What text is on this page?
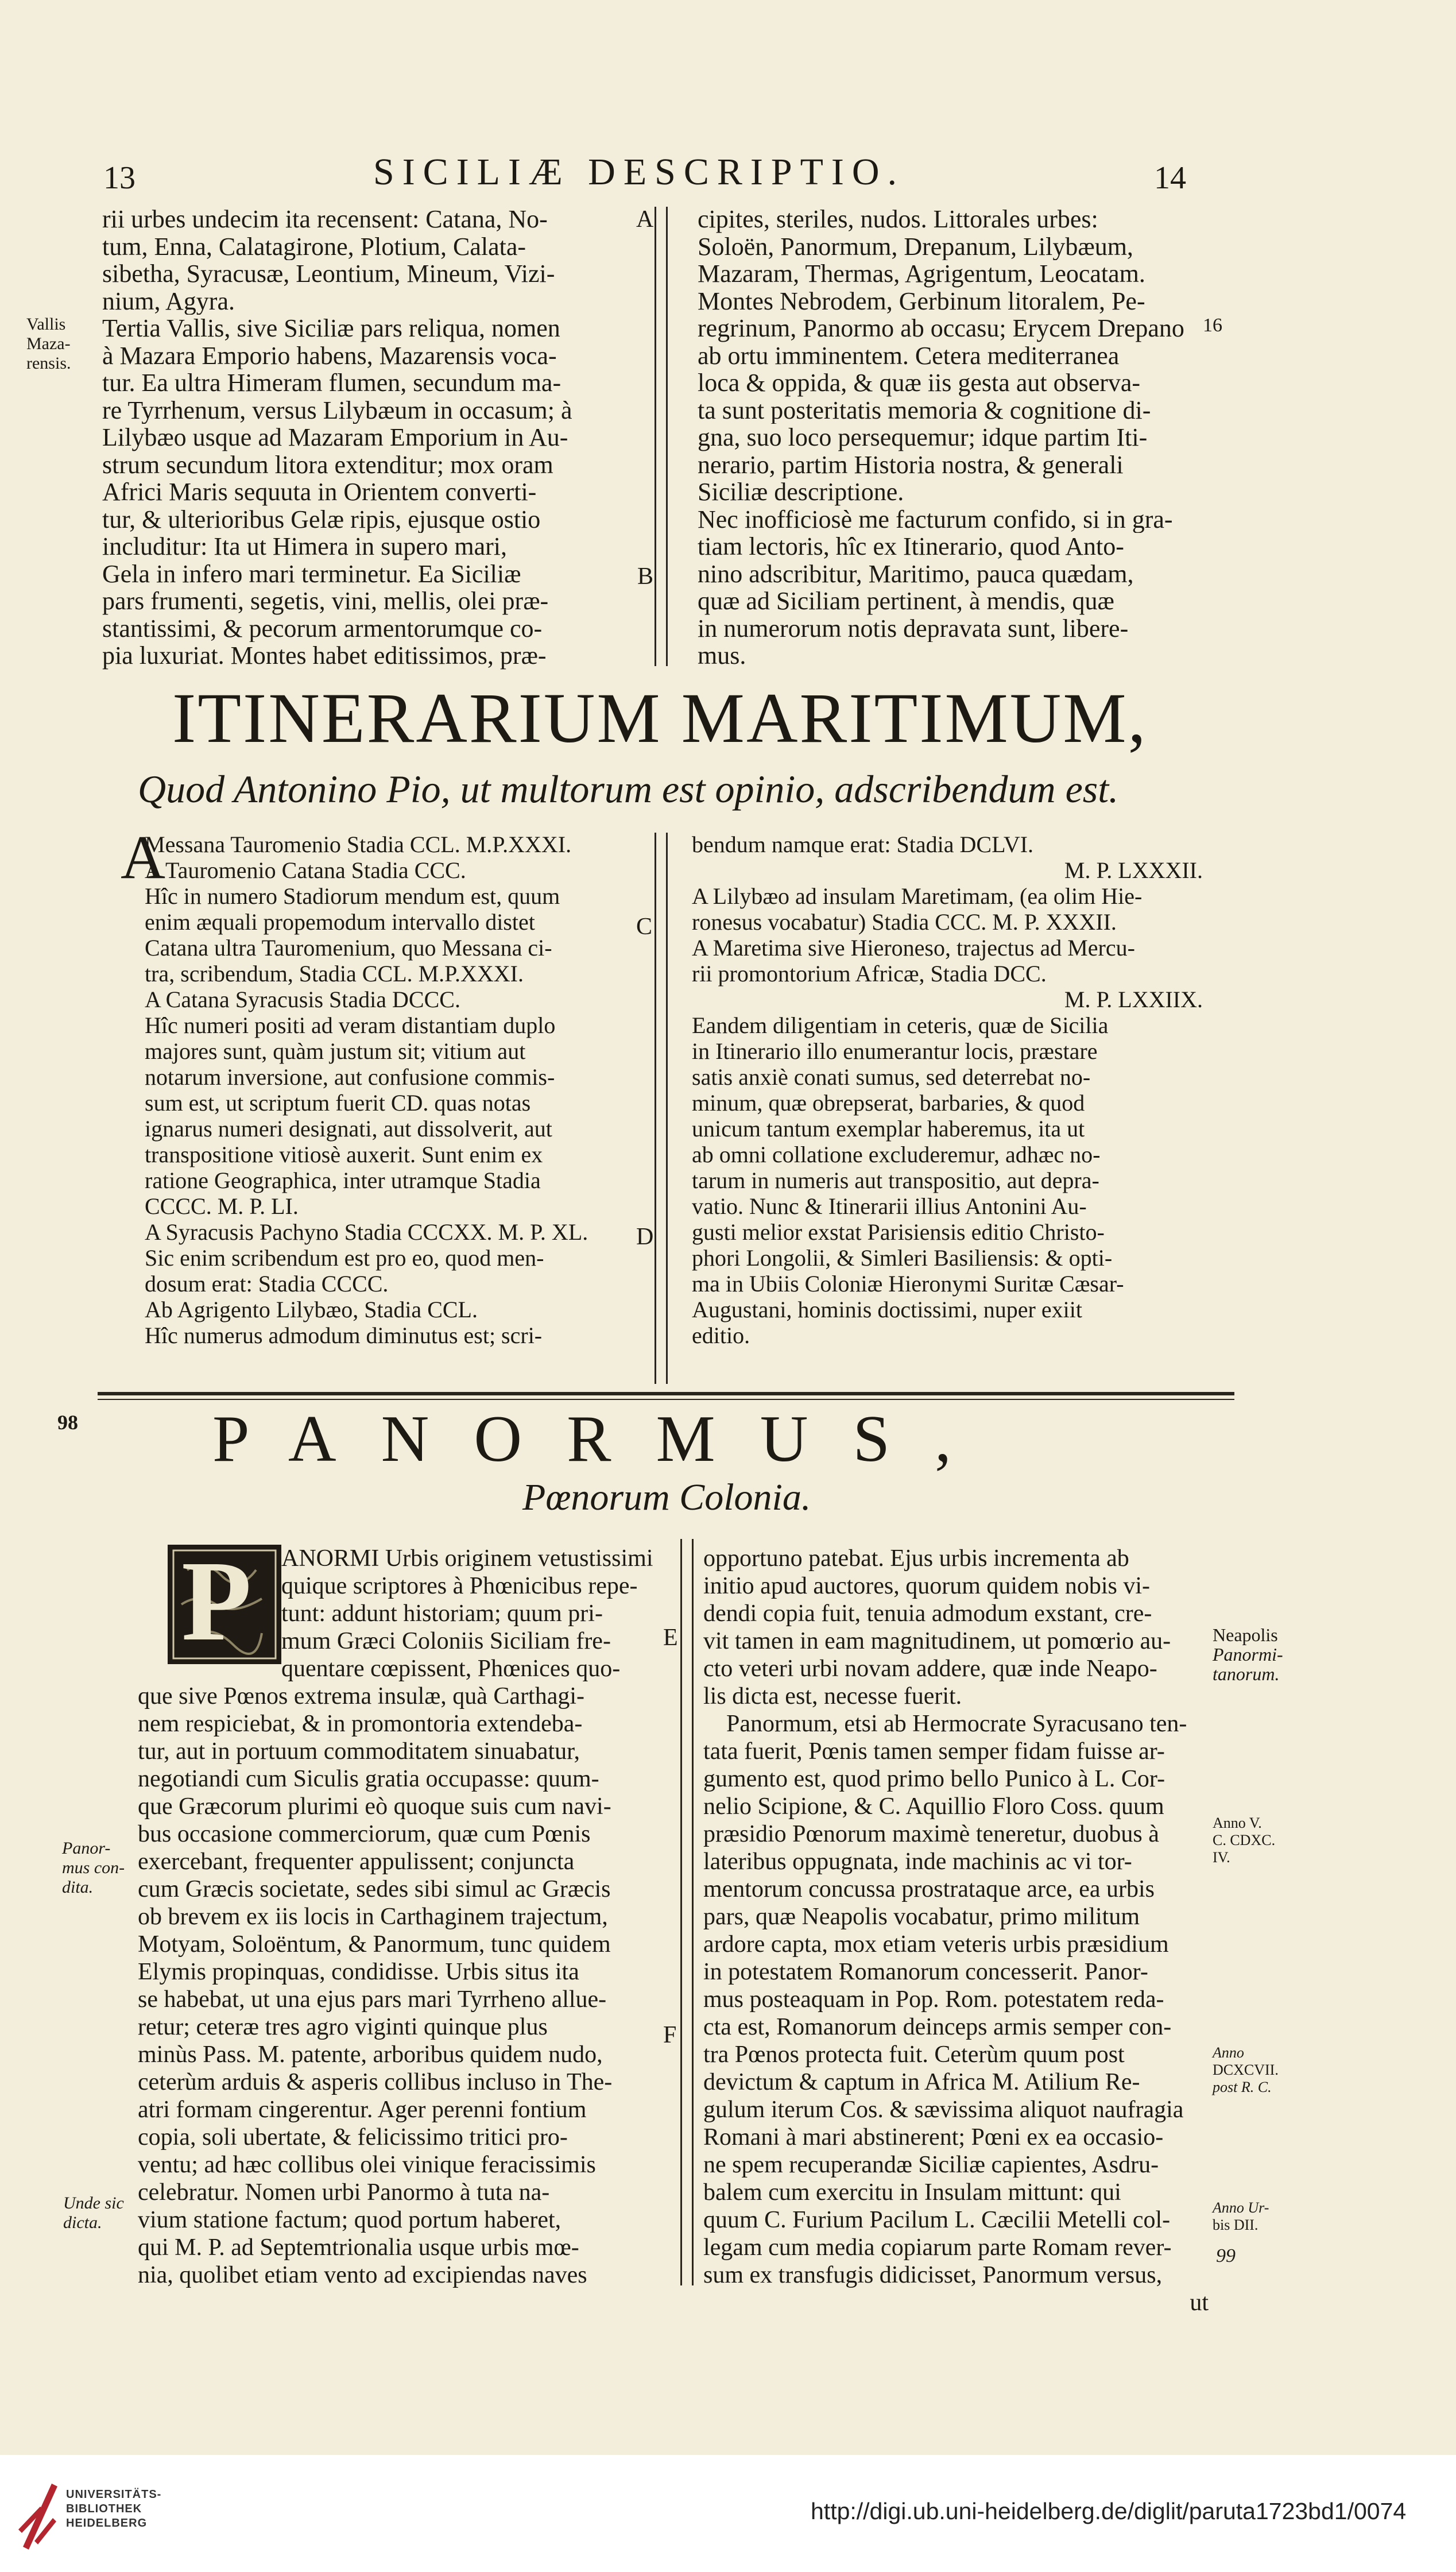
13	SICILIÆ DESCRIPTIO.	14
Vallis
Maza-
rensis.
rii urbes undecim ita recensent: Catana, No-
tum, Enna, Calatagirone, Plotium, Calata-
sibetha, Syracusæ, Leontium, Mineum, Vizi-
nium, Agyra.
Tertia Vallis, sive Siciliæ pars reliqua, nomen
à Mazara Emporio habens, Mazarensis voca-
tur. Ea ultra Himeram flumen, secundum ma-
re Tyrrhenum, versus Lilybæum in occasum; à
Lilybæo usque ad Mazaram Emporium in Au-
strum secundum litora extenditur; mox oram
Africi Maris sequuta in Orientem converti-
tur, & ulterioribus Gelæ ripis, ejusque ostio
includitur: Ita ut Himera in supero mari,
Gela in infero mari terminetur. Ea Siciliæ
pars frumenti, segetis, vini, mellis, olei præ-
stantissimi, & pecorum armentorumque co-
pia luxuriat. Montes habet editissimos, præ-
A
B
cipites, steriles, nudos. Littorales urbes:
Soloën, Panormum, Drepanum, Lilybæum,
Mazaram, Thermas, Agrigentum, Leocatam.
Montes Nebrodem, Gerbinum litoralem, Pe-
regrinum, Panormo ab occasu; Erycem Drepano
ab ortu imminentem. Cetera mediterranea
loca & oppida, & quæ iis gesta aut observa-
ta sunt posteritatis memoria & cognitione di-
gna, suo loco persequemur; idque partim Iti-
nerario, partim Historia nostra, & generali
Siciliæ descriptione.
Nec inofficiosè me facturum confido, si in gra-
tiam lectoris, hîc ex Itinerario, quod Anto-
nino adscribitur, Maritimo, pauca quædam,
quæ ad Siciliam pertinent, à mendis, quæ
in numerorum notis depravata sunt, libere-
mus.
16
ITINERARIUM MARITIMUM,
Quod Antonino Pio, ut multorum est opinio, adscribendum est.
A
Messana Tauromenio Stadia CCL. M.P.XXXI.
A Tauromenio Catana Stadia CCC.
Hîc in numero Stadiorum mendum est, quum
enim æquali propemodum intervallo distet
Catana ultra Tauromenium, quo Messana ci-
tra, scribendum, Stadia CCL. M.P.XXXI.
A Catana Syracusis Stadia DCCC.
Hîc numeri positi ad veram distantiam duplo
majores sunt, quàm justum sit; vitium aut
notarum inversione, aut confusione commis-
sum est, ut scriptum fuerit CD. quas notas
ignarus numeri designati, aut dissolverit, aut
transpositione vitiosè auxerit. Sunt enim ex
ratione Geographica, inter utramque Stadia
CCCC. M. P. LI.
A Syracusis Pachyno Stadia CCCXX. M. P. XL.
Sic enim scribendum est pro eo, quod men-
dosum erat: Stadia CCCC.
Ab Agrigento Lilybæo, Stadia CCL.
Hîc numerus admodum diminutus est; scri-
C
D
bendum namque erat: Stadia DCLVI.
M. P. LXXXII.
A Lilybæo ad insulam Maretimam, (ea olim Hie-
ronesus vocabatur) Stadia CCC. M. P. XXXII.
A Maretima sive Hieroneso, trajectus ad Mercu-
rii promontorium Africæ, Stadia DCC.
M. P. LXXIIX.
Eandem diligentiam in ceteris, quæ de Sicilia
in Itinerario illo enumerantur locis, præstare
satis anxiè conati sumus, sed deterrebat no-
minum, quæ obrepserat, barbaries, & quod
unicum tantum exemplar haberemus, ita ut
ab omni collatione excluderemur, adhæc no-
tarum in numeris aut transpositio, aut depra-
vatio. Nunc & Itinerarii illius Antonini Au-
gusti melior exstat Parisiensis editio Christo-
phori Longolii, & Simleri Basiliensis: & opti-
ma in Ubiis Coloniæ Hieronymi Suritæ Cæsar-
Augustani, hominis doctissimi, nuper exiit
editio.
98 PANORMUS,
Pœnorum Colonia.
P
Panor-
mus con-
dita.
Unde sic
dicta.
ANORMI Urbis originem vetustissimi
quique scriptores à Phœnicibus repe-
tunt: addunt historiam; quum pri-
mum Græci Coloniis Siciliam fre-
quentare cœpissent, Phœnices quo-
que sive Pœnos extrema insulæ, quà Carthagi-
nem respiciebat, & in promontoria extendeba-
tur, aut in portuum commoditatem sinuabatur,
negotiandi cum Siculis gratia occupasse: quum-
que Græcorum plurimi eò quoque suis cum navi-
bus occasione commerciorum, quæ cum Pœnis
exercebant, frequenter appulissent; conjuncta
cum Græcis societate, sedes sibi simul ac Græcis
ob brevem ex iis locis in Carthaginem trajectum,
Motyam, Soloëntum, & Panormum, tunc quidem
Elymis propinquas, condidisse. Urbis situs ita
se habebat, ut una ejus pars mari Tyrrheno allue-
retur; ceteræ tres agro viginti quinque plus
minùs Pass. M. patente, arboribus quidem nudo,
ceterùm arduis & asperis collibus incluso in The-
atri formam cingerentur. Ager perenni fontium
copia, soli ubertate, & felicissimo tritici pro-
ventu; ad hæc collibus olei vinique feracissimis
celebratur. Nomen urbi Panormo à tuta na-
vium statione factum; quod portum haberet,
qui M. P. ad Septemtrionalia usque urbis mœ-
nia, quolibet etiam vento ad excipiendas naves
E
F
opportuno patebat. Ejus urbis incrementa ab
initio apud auctores, quorum quidem nobis vi-
dendi copia fuit, tenuia admodum exstant, cre-
vit tamen in eam magnitudinem, ut pomœrio au-
cto veteri urbi novam addere, quæ inde Neapo-
lis dicta est, necesse fuerit.
Panormum, etsi ab Hermocrate Syracusano ten-
tata fuerit, Pœnis tamen semper fidam fuisse ar-
gumento est, quod primo bello Punico à L. Cor-
nelio Scipione, & C. Aquillio Floro Coss. quum
præsidio Pœnorum maximè teneretur, duobus à
lateribus oppugnata, inde machinis ac vi tor-
mentorum concussa prostrataque arce, ea urbis
pars, quæ Neapolis vocabatur, primo militum
ardore capta, mox etiam veteris urbis præsidium
in potestatem Romanorum concesserit. Panor-
mus posteaquam in Pop. Rom. potestatem reda-
cta est, Romanorum deinceps armis semper con-
tra Pœnos protecta fuit. Ceterùm quum post
devictum & captum in Africa M. Atilium Re-
gulum iterum Cos. & sævissima aliquot naufragia
Romani à mari abstinerent; Pœni ex ea occasio-
ne spem recuperandæ Siciliæ capientes, Asdru-
balem cum exercitu in Insulam mittunt: qui
quum C. Furium Pacilum L. Cæcilii Metelli col-
legam cum media copiarum parte Romam rever-
sum ex transfugis didicisset, Panormum versus,
ut
Neapolis
Panormi-
tanorum.
Anno V.
C. CDXC.
IV.
Anno
DCXCVII.
post R. C.
Anno Ur-
bis DII.
99
UNIVERSITÄTS-
BIBLIOTHEK
HEIDELBERG	http://digi.ub.uni-heidelberg.de/diglit/paruta1723bd1/0074
